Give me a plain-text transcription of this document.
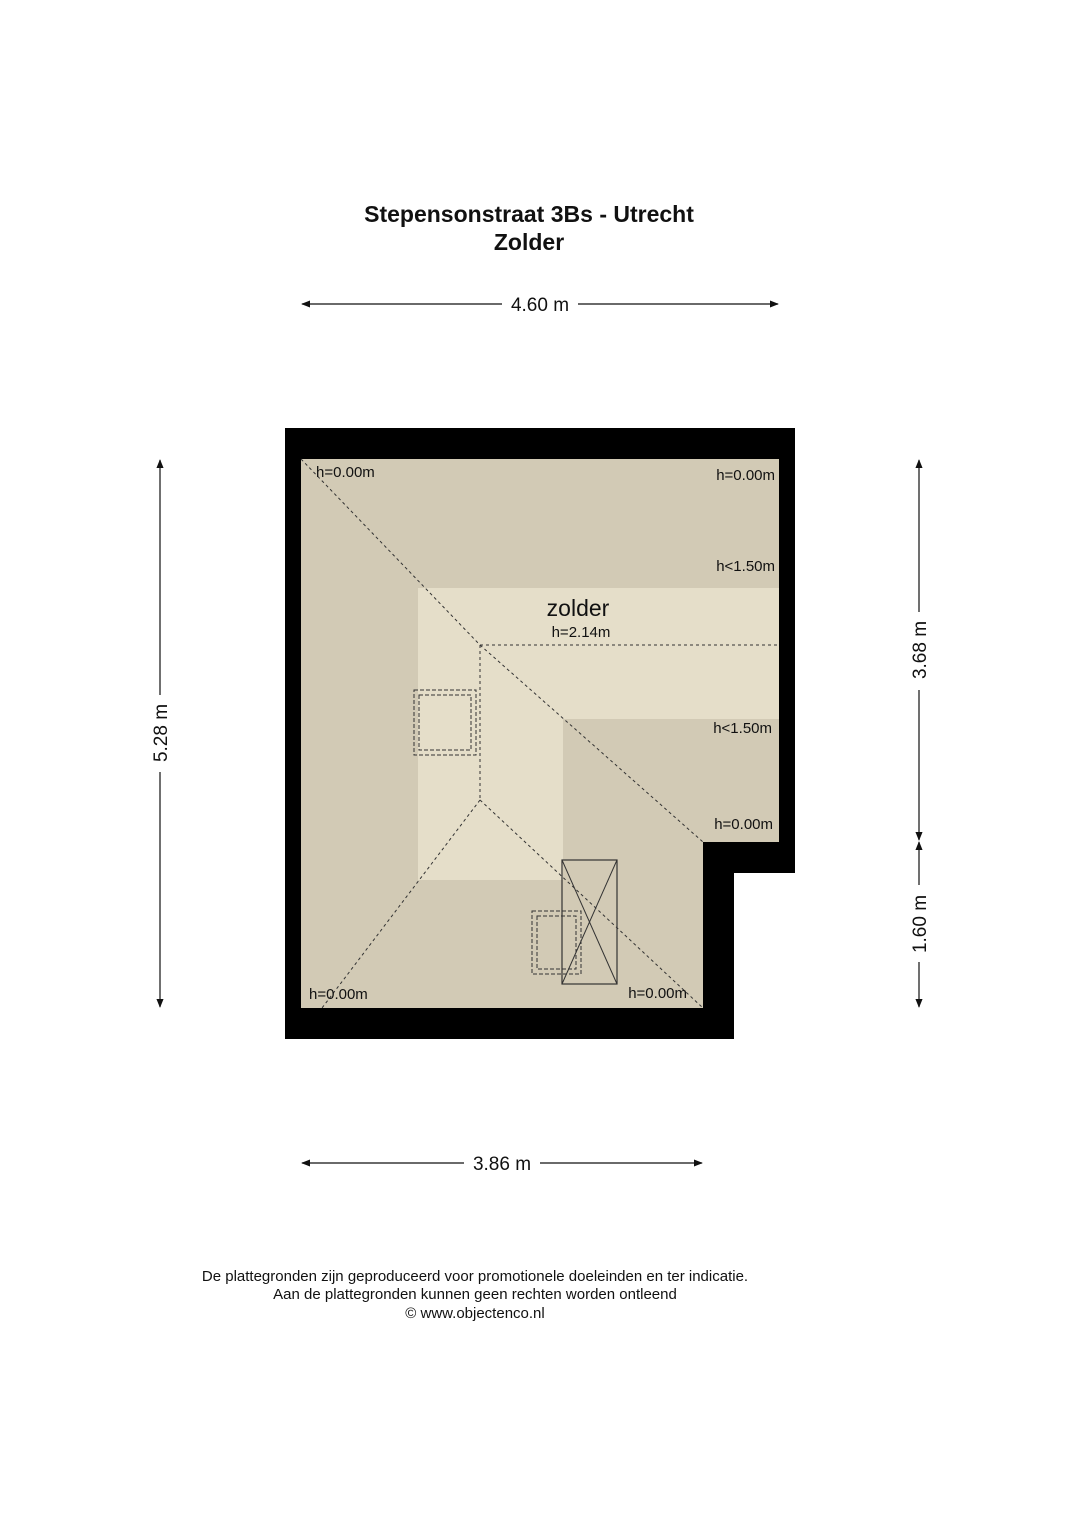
Stepensonstraat 3Bs - Utrecht
Zolder
4.60 m
5.28 m
3.68 m
1.60 m
zolder
h=2.14m
h=0.00m	h=0.00m
h<1.50m
h<1.50m
h=0.00m
h=0.00m	h=0.00m
3.86 m
De plattegronden zijn geproduceerd voor promotionele doeleinden en ter indicatie.
Aan de plattegronden kunnen geen rechten worden ontleend
© www.objectenco.nl
